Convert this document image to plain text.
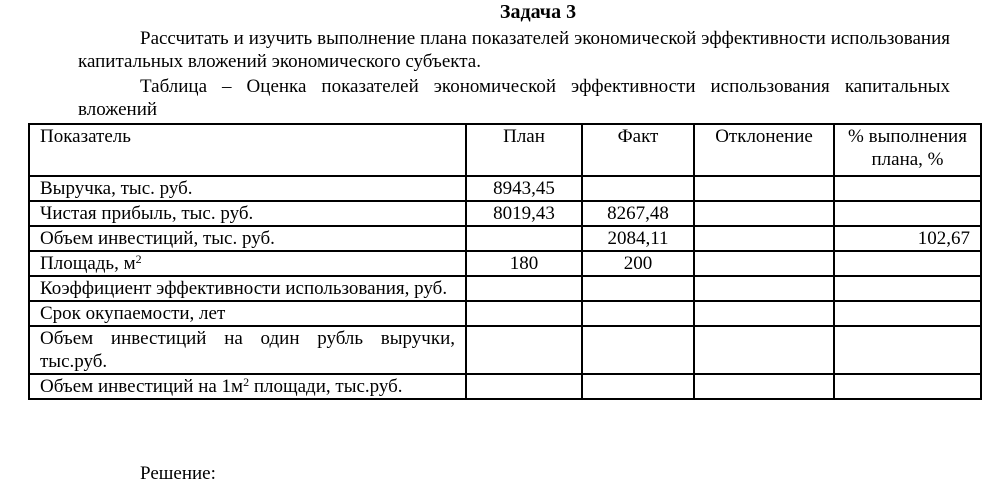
Задача 3
Рассчитать и изучить выполнение плана показателей экономической эффективности использования капитальных вложений экономического субъекта.
Таблица – Оценка показателей экономической эффективности использования капитальных вложений
Показатель	План	Факт	Отклонение	% выполнения плана, %
Выручка, тыс. руб.	8943,45			
Чистая прибыль, тыс. руб.	8019,43	8267,48		
Объем инвестиций, тыс. руб.		2084,11		102,67
Площадь, $м^2$	180	200		
Коэффициент эффективности использования, руб.				
Срок окупаемости, лет				
Объем инвестиций на один рубль выручки, тыс.руб.				
Объем инвестиций на $1м^2$ площади, тыс.руб.				
Решение:
